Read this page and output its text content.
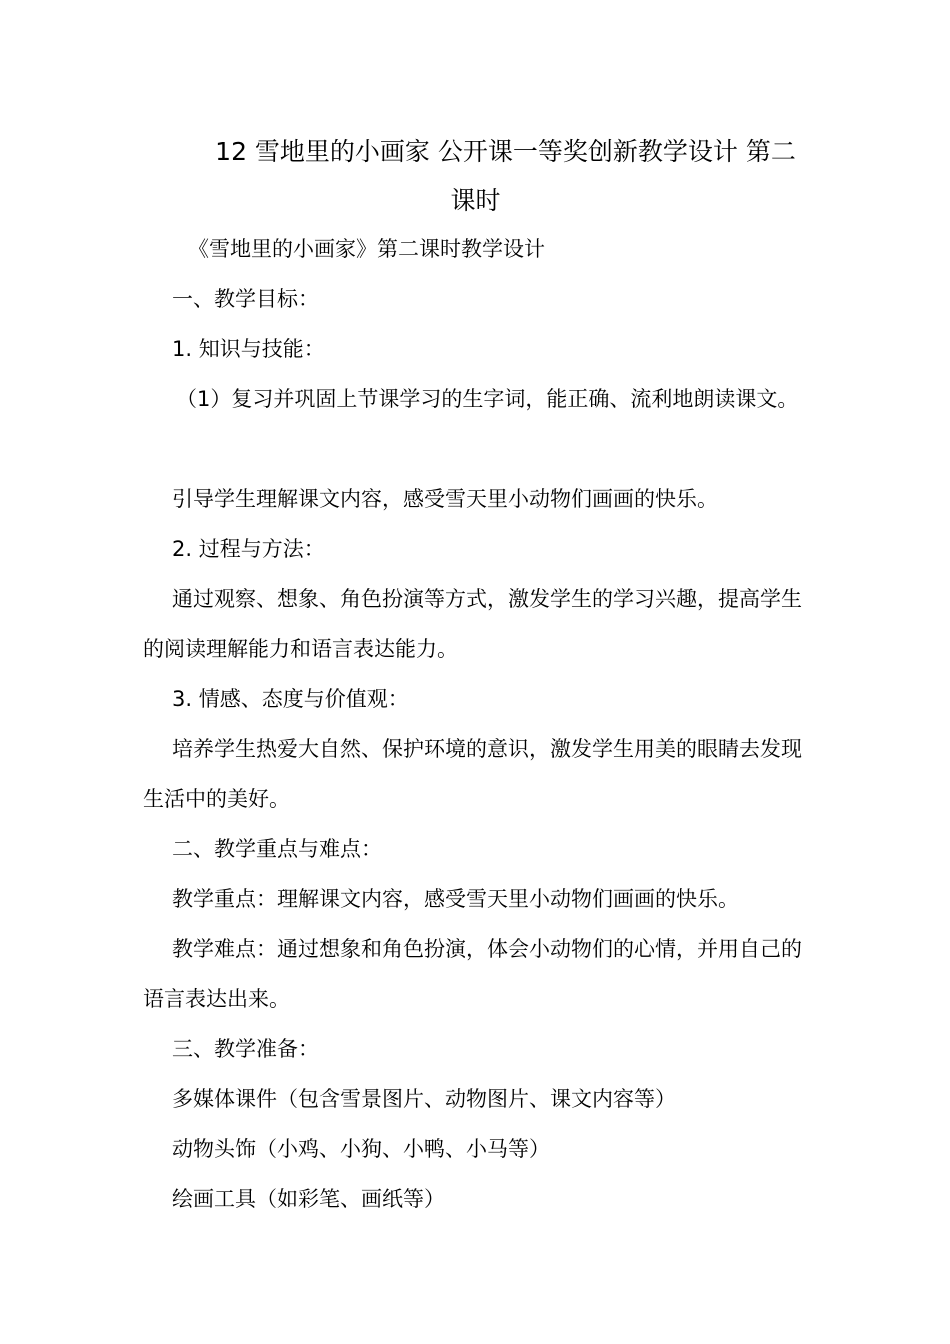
12 雪地里的小画家 公开课一等奖创新教学设计 第二
课时

《雪地里的小画家》第二课时教学设计

一、教学目标：

1. 知识与技能：

（1）复习并巩固上节课学习的生字词，能正确、流利地朗读课文。

引导学生理解课文内容，感受雪天里小动物们画画的快乐。

2. 过程与方法：

通过观察、想象、角色扮演等方式，激发学生的学习兴趣，提高学生的阅读理解能力和语言表达能力。

3. 情感、态度与价值观：

培养学生热爱大自然、保护环境的意识，激发学生用美的眼睛去发现生活中的美好。

二、教学重点与难点：

教学重点：理解课文内容，感受雪天里小动物们画画的快乐。

教学难点：通过想象和角色扮演，体会小动物们的心情，并用自己的语言表达出来。

三、教学准备：

多媒体课件（包含雪景图片、动物图片、课文内容等）

动物头饰（小鸡、小狗、小鸭、小马等）

绘画工具（如彩笔、画纸等）
